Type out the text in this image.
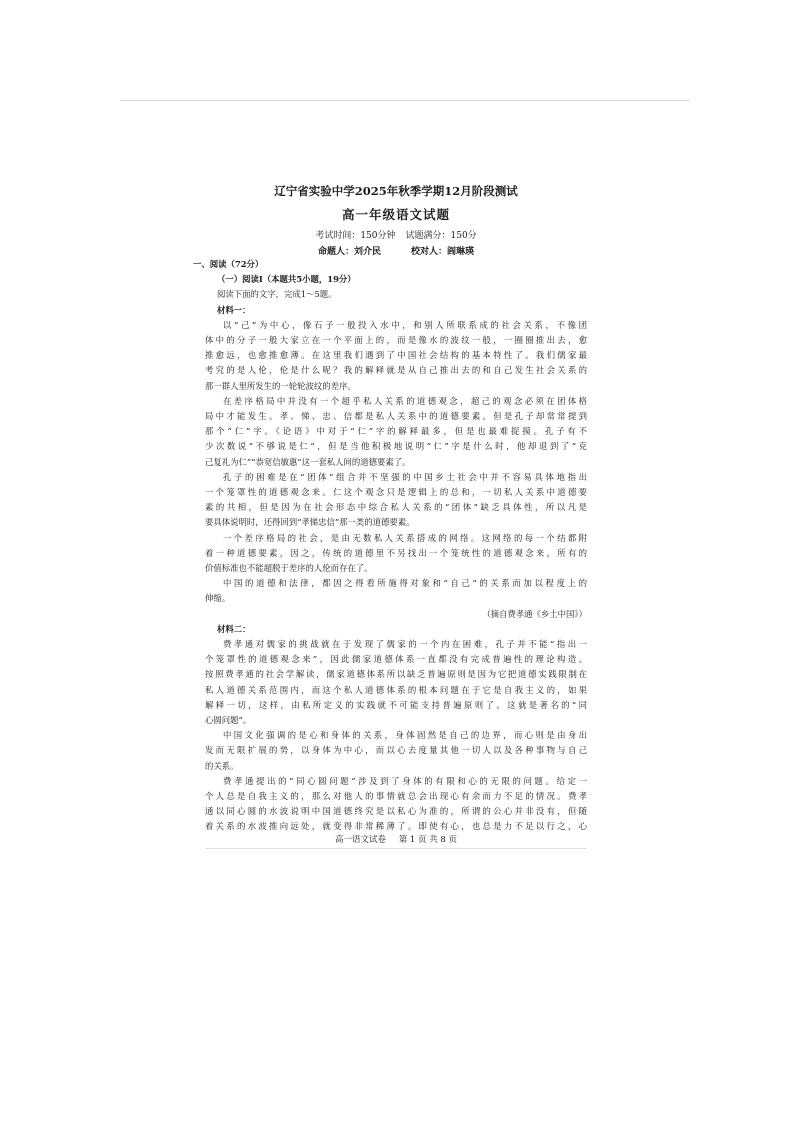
辽宁省实验中学2025年秋季学期12月阶段测试
高一年级语文试题
考试时间：150分钟 试题满分：150分
命题人：刘介民	校对人：阎琳瑛
一、阅读（72分）
（一）阅读Ⅰ（本题共5小题，19分）
阅读下面的文字，完成1～5题。
材料一：
以“己”为中心，像石子一般投入水中，和别人所联系成的社会关系，不像团
体中的分子一般大家立在一个平面上的，而是像水的波纹一般，一圈圈推出去，愈
推愈远，也愈推愈薄。在这里我们遇到了中国社会结构的基本特性了。我们儒家最
考究的是人伦，伦是什么呢？我的解释就是从自己推出去的和自己发生社会关系的
那一群人里所发生的一轮轮波纹的差序。
在差序格局中并没有一个超乎私人关系的道德观念，超己的观念必须在团体格
局中才能发生。孝、悌、忠、信都是私人关系中的道德要素。但是孔子却常常提到
那个“仁”字。《论语》中对于“仁”字的解释最多，但是也最难捉摸。孔子有不
少次数说“不够说是仁”，但是当他积极地说明“仁”字是什么时，他却退到了“克
己复礼为仁”“恭宽信敏惠”这一套私人间的道德要素了。
孔子的困难是在“团体”组合并不坚强的中国乡土社会中并不容易具体地指出
一个笼罩性的道德观念来。仁这个观念只是逻辑上的总和，一切私人关系中道德要
素的共相，但是因为在社会形态中综合私人关系的“团体”缺乏具体性，所以凡是
要具体说明时，还得回到“孝悌忠信”那一类的道德要素。
一个差序格局的社会，是由无数私人关系搭成的网络。这网络的每一个结都附
着一种道德要素，因之，传统的道德里不另找出一个笼统性的道德观念来，所有的
价值标准也不能超脱于差序的人伦而存在了。
中国的道德和法律，都因之得看所施得对象和“自己”的关系而加以程度上的
伸缩。
（摘自费孝通《乡土中国》）
材料二：
费孝通对儒家的挑战就在于发现了儒家的一个内在困难，孔子并不能“指出一
个笼罩性的道德观念来”，因此儒家道德体系一直都没有完成普遍性的理论构造。
按照费孝通的社会学解读，儒家道德体系所以缺乏普遍原则是因为它把道德实践限制在
私人道德关系范围内，而这个私人道德体系的根本问题在于它是自我主义的，如果
解释一切，这样，由私所定义的实践就不可能支持普遍原则了。这就是著名的“同
心圆问题”。
中国文化强调的是心和身体的关系，身体固然是自己的边界，而心则是由身出
发而无限扩展的势，以身体为中心，而以心去度量其他一切人以及各种事物与自己
的关系。
费孝通提出的“同心圆问题”涉及到了身体的有限和心的无限的问题。给定一
个人总是自我主义的，那么对他人的事情就总会出现心有余而力不足的情况。费孝
通以同心圆的水波说明中国道德终究是以私心为准的，所谓的公心并非没有，但随
着关系的水波推向远处，就变得非常稀薄了。即使有心，也总是力不足以行之，心
高一语文试卷 第 1 页 共 8 页
